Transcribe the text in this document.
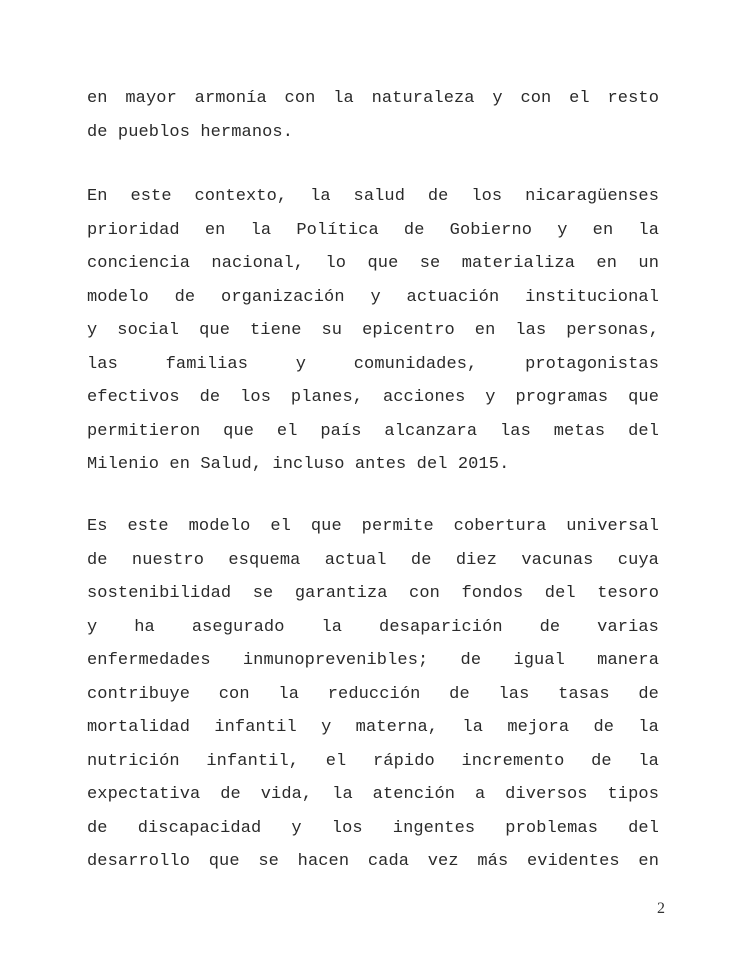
en mayor armonía con la naturaleza y con el resto
de pueblos hermanos.
En este contexto, la salud de los nicaragüenses
prioridad en la Política de Gobierno y en la
conciencia nacional, lo que se materializa en un
modelo de organización y actuación institucional
y social que tiene su epicentro en las personas,
las familias y comunidades, protagonistas
efectivos de los planes, acciones y programas que
permitieron que el país alcanzara las metas del
Milenio en Salud, incluso antes del 2015.
Es este modelo el que permite cobertura universal
de nuestro esquema actual de diez vacunas cuya
sostenibilidad se garantiza con fondos del tesoro
y ha asegurado la desaparición de varias
enfermedades inmunoprevenibles; de igual manera
contribuye con la reducción de las tasas de
mortalidad infantil y materna, la mejora de la
nutrición infantil, el rápido incremento de la
expectativa de vida, la atención a diversos tipos
de discapacidad y los ingentes problemas del
desarrollo que se hacen cada vez más evidentes en
2
